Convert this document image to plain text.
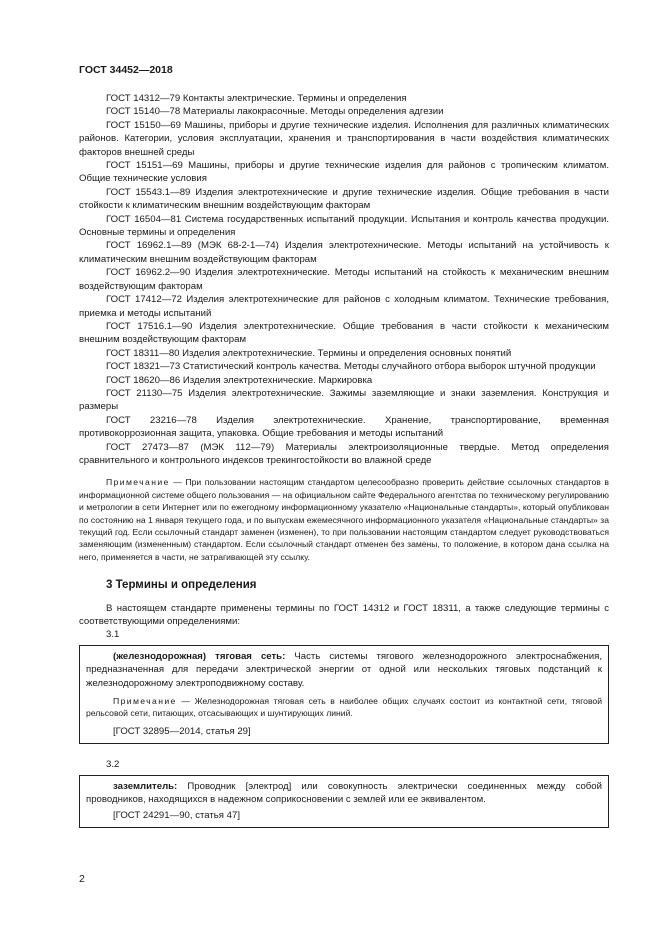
ГОСТ 34452—2018

ГОСТ 14312—79 Контакты электрические. Термины и определения

ГОСТ 15140—78 Материалы лакокрасочные. Методы определения адгезии

ГОСТ 15150—69 Машины, приборы и другие технические изделия. Исполнения для различных климатических районов. Категории, условия эксплуатации, хранения и транспортирования в части воздействия климатических факторов внешней среды

ГОСТ 15151—69 Машины, приборы и другие технические изделия для районов с тропическим климатом. Общие технические условия

ГОСТ 15543.1—89 Изделия электротехнические и другие технические изделия. Общие требования в части стойкости к климатическим внешним воздействующим факторам

ГОСТ 16504—81 Система государственных испытаний продукции. Испытания и контроль качества продукции. Основные термины и определения

ГОСТ 16962.1—89 (МЭК 68-2-1—74) Изделия электротехнические. Методы испытаний на устойчивость к климатическим внешним воздействующим факторам

ГОСТ 16962.2—90 Изделия электротехнические. Методы испытаний на стойкость к механическим внешним воздействующим факторам

ГОСТ 17412—72 Изделия электротехнические для районов с холодным климатом. Технические требования, приемка и методы испытаний

ГОСТ 17516.1—90 Изделия электротехнические. Общие требования в части стойкости к механическим внешним воздействующим факторам

ГОСТ 18311—80 Изделия электротехнические. Термины и определения основных понятий

ГОСТ 18321—73 Статистический контроль качества. Методы случайного отбора выборок штучной продукции

ГОСТ 18620—86 Изделия электротехнические. Маркировка

ГОСТ 21130—75 Изделия электротехнические. Зажимы заземляющие и знаки заземления. Конструкция и размеры

ГОСТ 23216—78 Изделия электротехнические. Хранение, транспортирование, временная противокоррозионная защита, упаковка. Общие требования и методы испытаний

ГОСТ 27473—87 (МЭК 112—79) Материалы электроизоляционные твердые. Метод определения сравнительного и контрольного индексов трекингостойкости во влажной среде

Примечание — При пользовании настоящим стандартом целесообразно проверить действие ссылочных стандартов в информационной системе общего пользования — на официальном сайте Федерального агентства по техническому регулированию и метрологии в сети Интернет или по ежегодному информационному указателю «Национальные стандарты», который опубликован по состоянию на 1 января текущего года, и по выпускам ежемесячного информационного указателя «Национальные стандарты» за текущий год. Если ссылочный стандарт заменен (изменен), то при пользовании настоящим стандартом следует руководствоваться заменяющим (измененным) стандартом. Если ссылочный стандарт отменен без замены, то положение, в котором дана ссылка на него, применяется в части, не затрагивающей эту ссылку.

3 Термины и определения

В настоящем стандарте применены термины по ГОСТ 14312 и ГОСТ 18311, а также следующие термины с соответствующими определениями:

3.1

(железнодорожная) тяговая сеть: Часть системы тягового железнодорожного электроснабжения, предназначенная для передачи электрической энергии от одной или нескольких тяговых подстанций к железнодорожному электроподвижному составу.

Примечание — Железнодорожная тяговая сеть в наиболее общих случаях состоит из контактной сети, тяговой рельсовой сети, питающих, отсасывающих и шунтирующих линий.

[ГОСТ 32895—2014, статья 29]
3.2

заземлитель: Проводник [электрод] или совокупность электрически соединенных между собой проводников, находящихся в надежном соприкосновении с землей или ее эквивалентом.

[ГОСТ 24291—90, статья 47]
2
